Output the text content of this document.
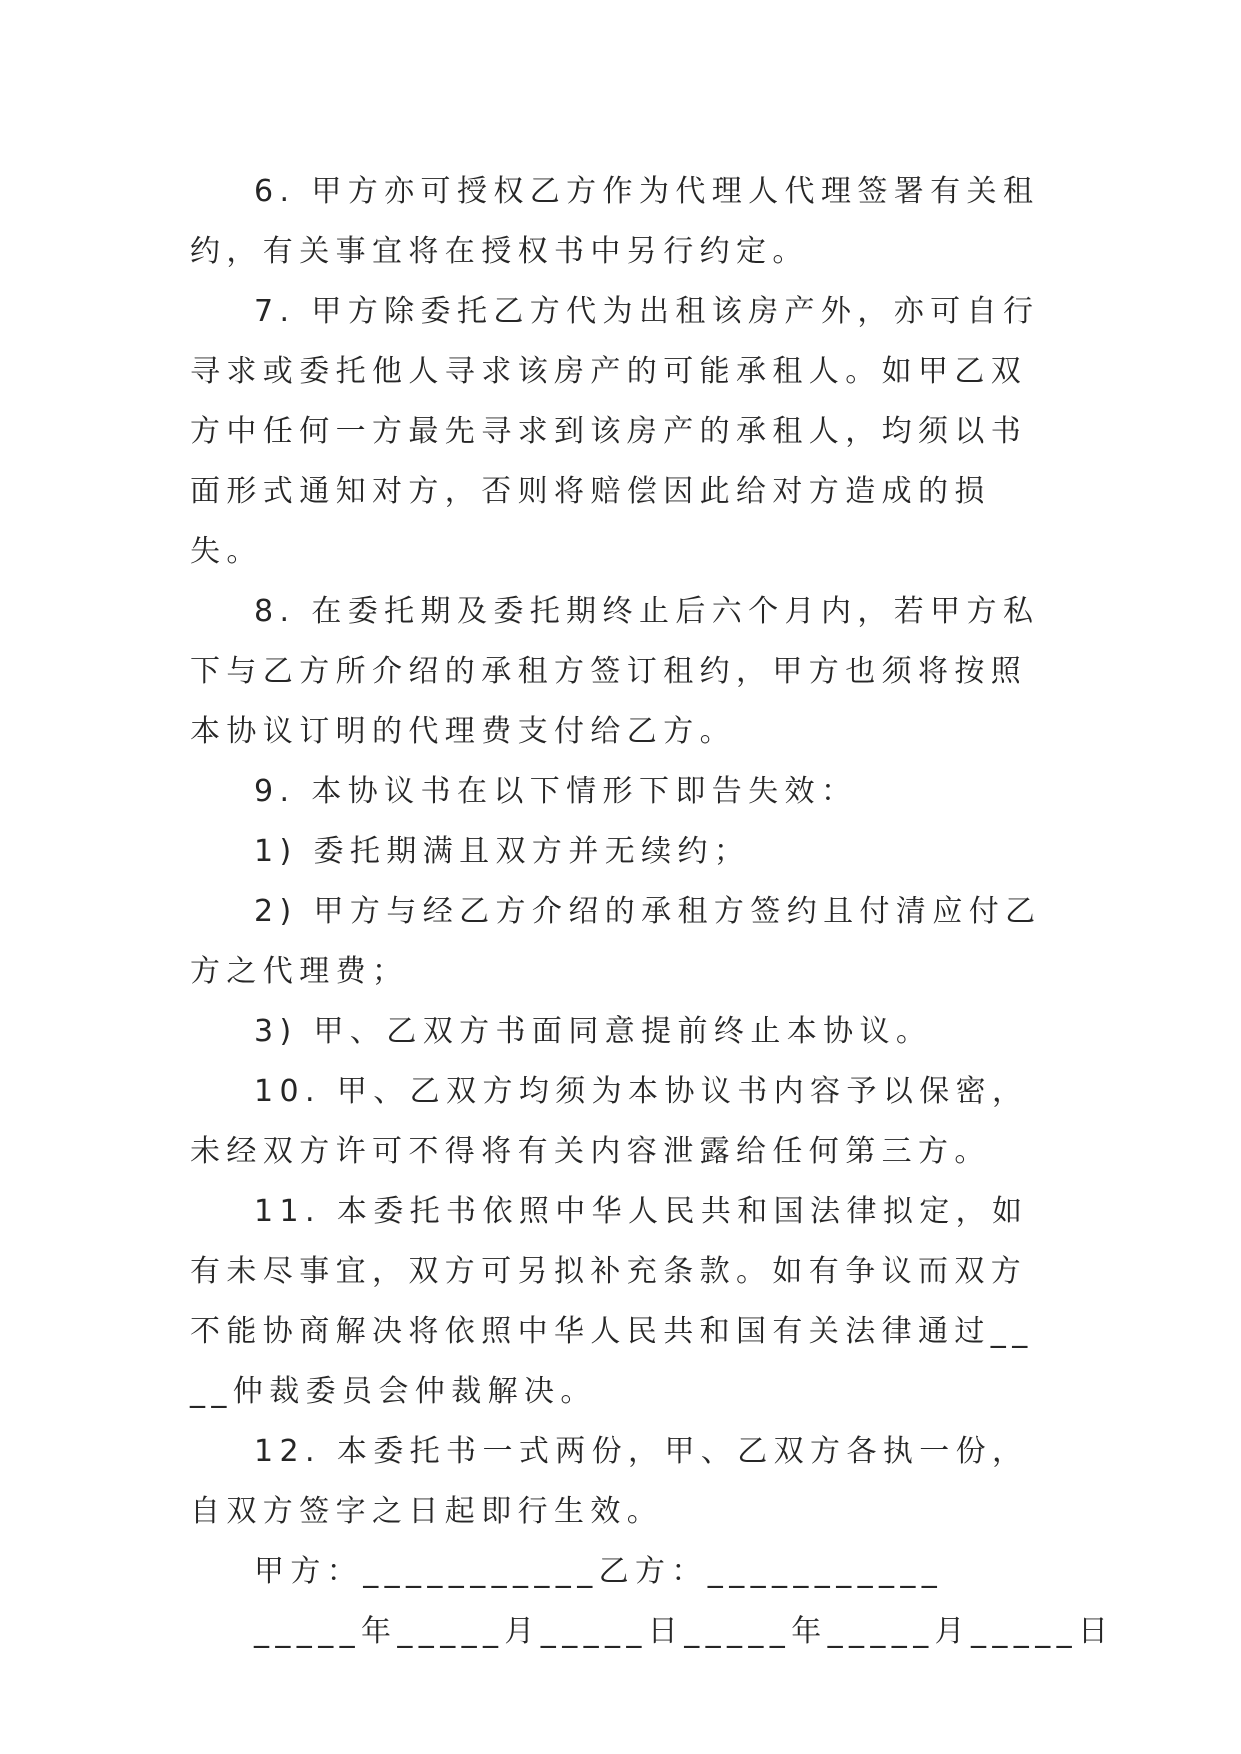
6. 甲方亦可授权乙方作为代理人代理签署有关租约，有关事宜将在授权书中另行约定。

7. 甲方除委托乙方代为出租该房产外，亦可自行寻求或委托他人寻求该房产的可能承租人。如甲乙双方中任何一方最先寻求到该房产的承租人，均须以书面形式通知对方，否则将赔偿因此给对方造成的损失。

8. 在委托期及委托期终止后六个月内，若甲方私下与乙方所介绍的承租方签订租约，甲方也须将按照本协议订明的代理费支付给乙方。

9. 本协议书在以下情形下即告失效：

1) 委托期满且双方并无续约；

2) 甲方与经乙方介绍的承租方签约且付清应付乙方之代理费；

3) 甲、乙双方书面同意提前终止本协议。

10. 甲、乙双方均须为本协议书内容予以保密，未经双方许可不得将有关内容泄露给任何第三方。

11. 本委托书依照中华人民共和国法律拟定，如有未尽事宜，双方可另拟补充条款。如有争议而双方不能协商解决将依照中华人民共和国有关法律通过____仲裁委员会仲裁解决。

12. 本委托书一式两份，甲、乙双方各执一份，自双方签字之日起即行生效。

甲方：___________乙方：___________

_____年_____月_____日_____年_____月_____日
